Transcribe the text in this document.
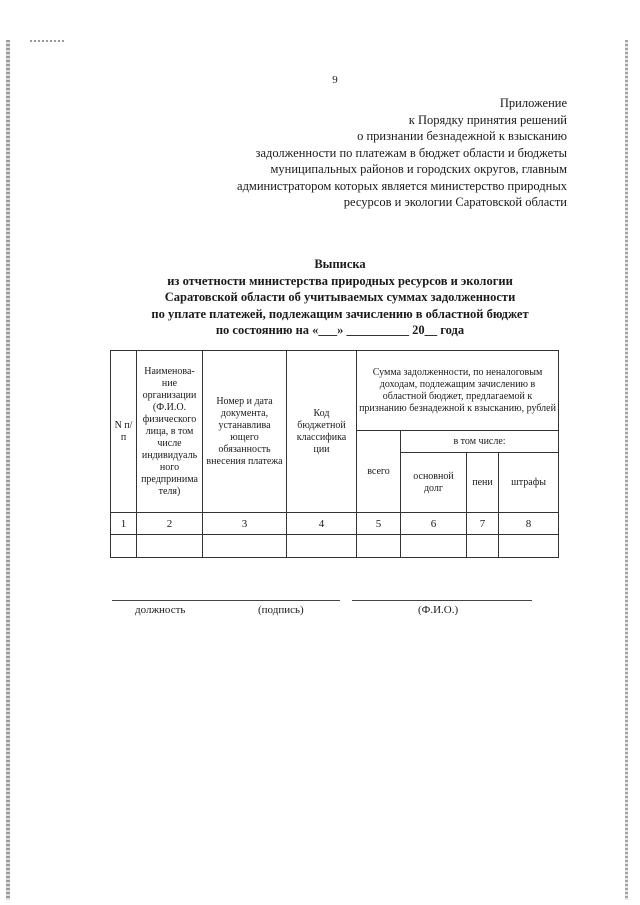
9
Приложение
к Порядку принятия решений
о признании безнадежной к взысканию
задолженности по платежам в бюджет области и бюджеты
муниципальных районов и городских округов, главным
администратором которых является министерство природных
ресурсов и экологии Саратовской области
Выписка
из отчетности министерства природных ресурсов и экологии
Саратовской области об учитываемых суммах задолженности
по уплате платежей, подлежащим зачислению в областной бюджет
по состоянию на «___» __________ 20__ года
N п/п	Наименова-ние организации (Ф.И.О. физического лица, в том числе индивидуаль ного предпринима теля)	Номер и дата документа, устанавлива ющего обязанность внесения платежа	Код бюджетной классифика ции	Сумма задолженности, по неналоговым доходам, подлежащим зачислению в областной бюджет, предлагаемой к признанию безнадежной к взысканию, рублей			
				всего	в том числе:		
					основной долг	пени	штрафы
1	2	3	4	5	6	7	8

должность	(подпись)	(Ф.И.О.)
